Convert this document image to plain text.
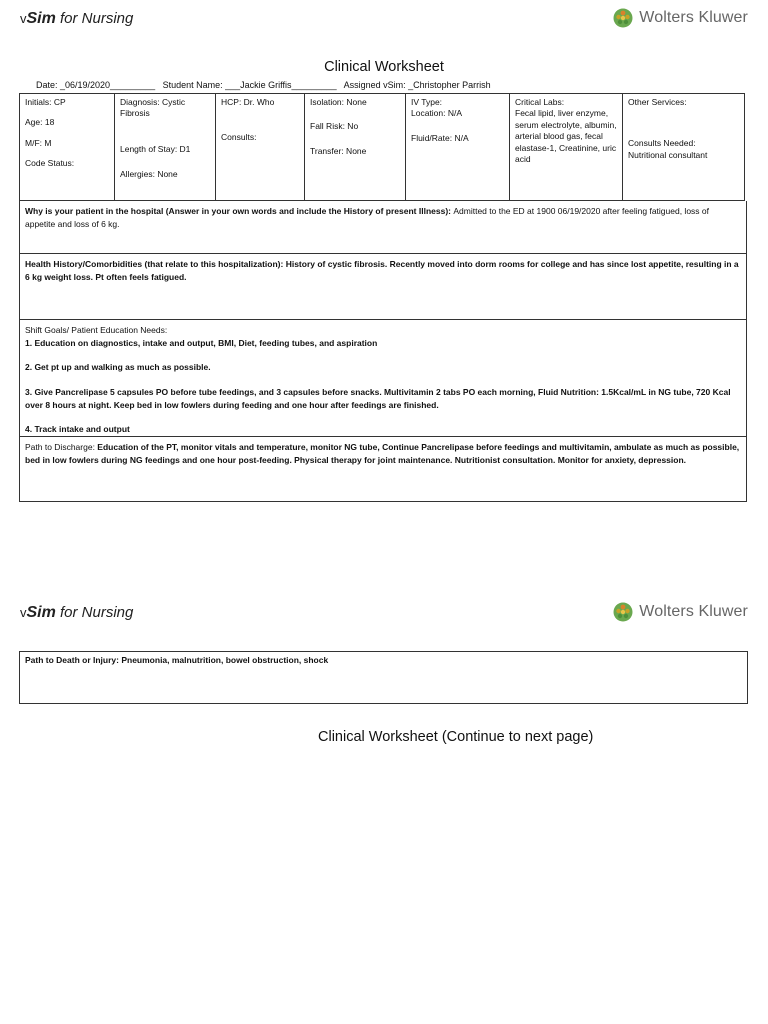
vSim for Nursing	Wolters Kluwer
Clinical Worksheet
Date: _06/19/2020_________ Student Name: ___Jackie Griffis_________ Assigned vSim: _Christopher Parrish
Initials: CP
Age: 18
M/F: M
Code Status:

Diagnosis: Cystic Fibrosis
Length of Stay: D1
Allergies: None

HCP: Dr. Who
Consults:

Isolation: None
Fall Risk: No
Transfer: None

IV Type:
Location: N/A
Fluid/Rate: N/A

Critical Labs:
Fecal lipid, liver enzyme, serum electrolyte, albumin, arterial blood gas, fecal elastase-1, Creatinine, uric acid

Other Services:
Consults Needed:
Nutritional consultant
Why is your patient in the hospital (Answer in your own words and include the History of present Illness): Admitted to the ED at 1900 06/19/2020 after feeling fatigued, loss of appetite and loss of 6 kg.
Health History/Comorbidities (that relate to this hospitalization): History of cystic fibrosis. Recently moved into dorm rooms for college and has since lost appetite, resulting in a 6 kg weight loss. Pt often feels fatigued.
Shift Goals/ Patient Education Needs:
1. Education on diagnostics, intake and output, BMI, Diet, feeding tubes, and aspiration
2. Get pt up and walking as much as possible.
3. Give Pancrelipase 5 capsules PO before tube feedings, and 3 capsules before snacks. Multivitamin 2 tabs PO each morning, Fluid Nutrition: 1.5Kcal/mL in NG tube, 720 Kcal over 8 hours at night. Keep bed in low fowlers during feeding and one hour after feedings are finished.
4. Track intake and output
Path to Discharge: Education of the PT, monitor vitals and temperature, monitor NG tube, Continue Pancrelipase before feedings and multivitamin, ambulate as much as possible, bed in low fowlers during NG feedings and one hour post-feeding. Physical therapy for joint maintenance. Nutritionist consultation. Monitor for anxiety, depression.
vSim for Nursing	Wolters Kluwer
Path to Death or Injury: Pneumonia, malnutrition, bowel obstruction, shock
Clinical Worksheet (Continue to next page)
